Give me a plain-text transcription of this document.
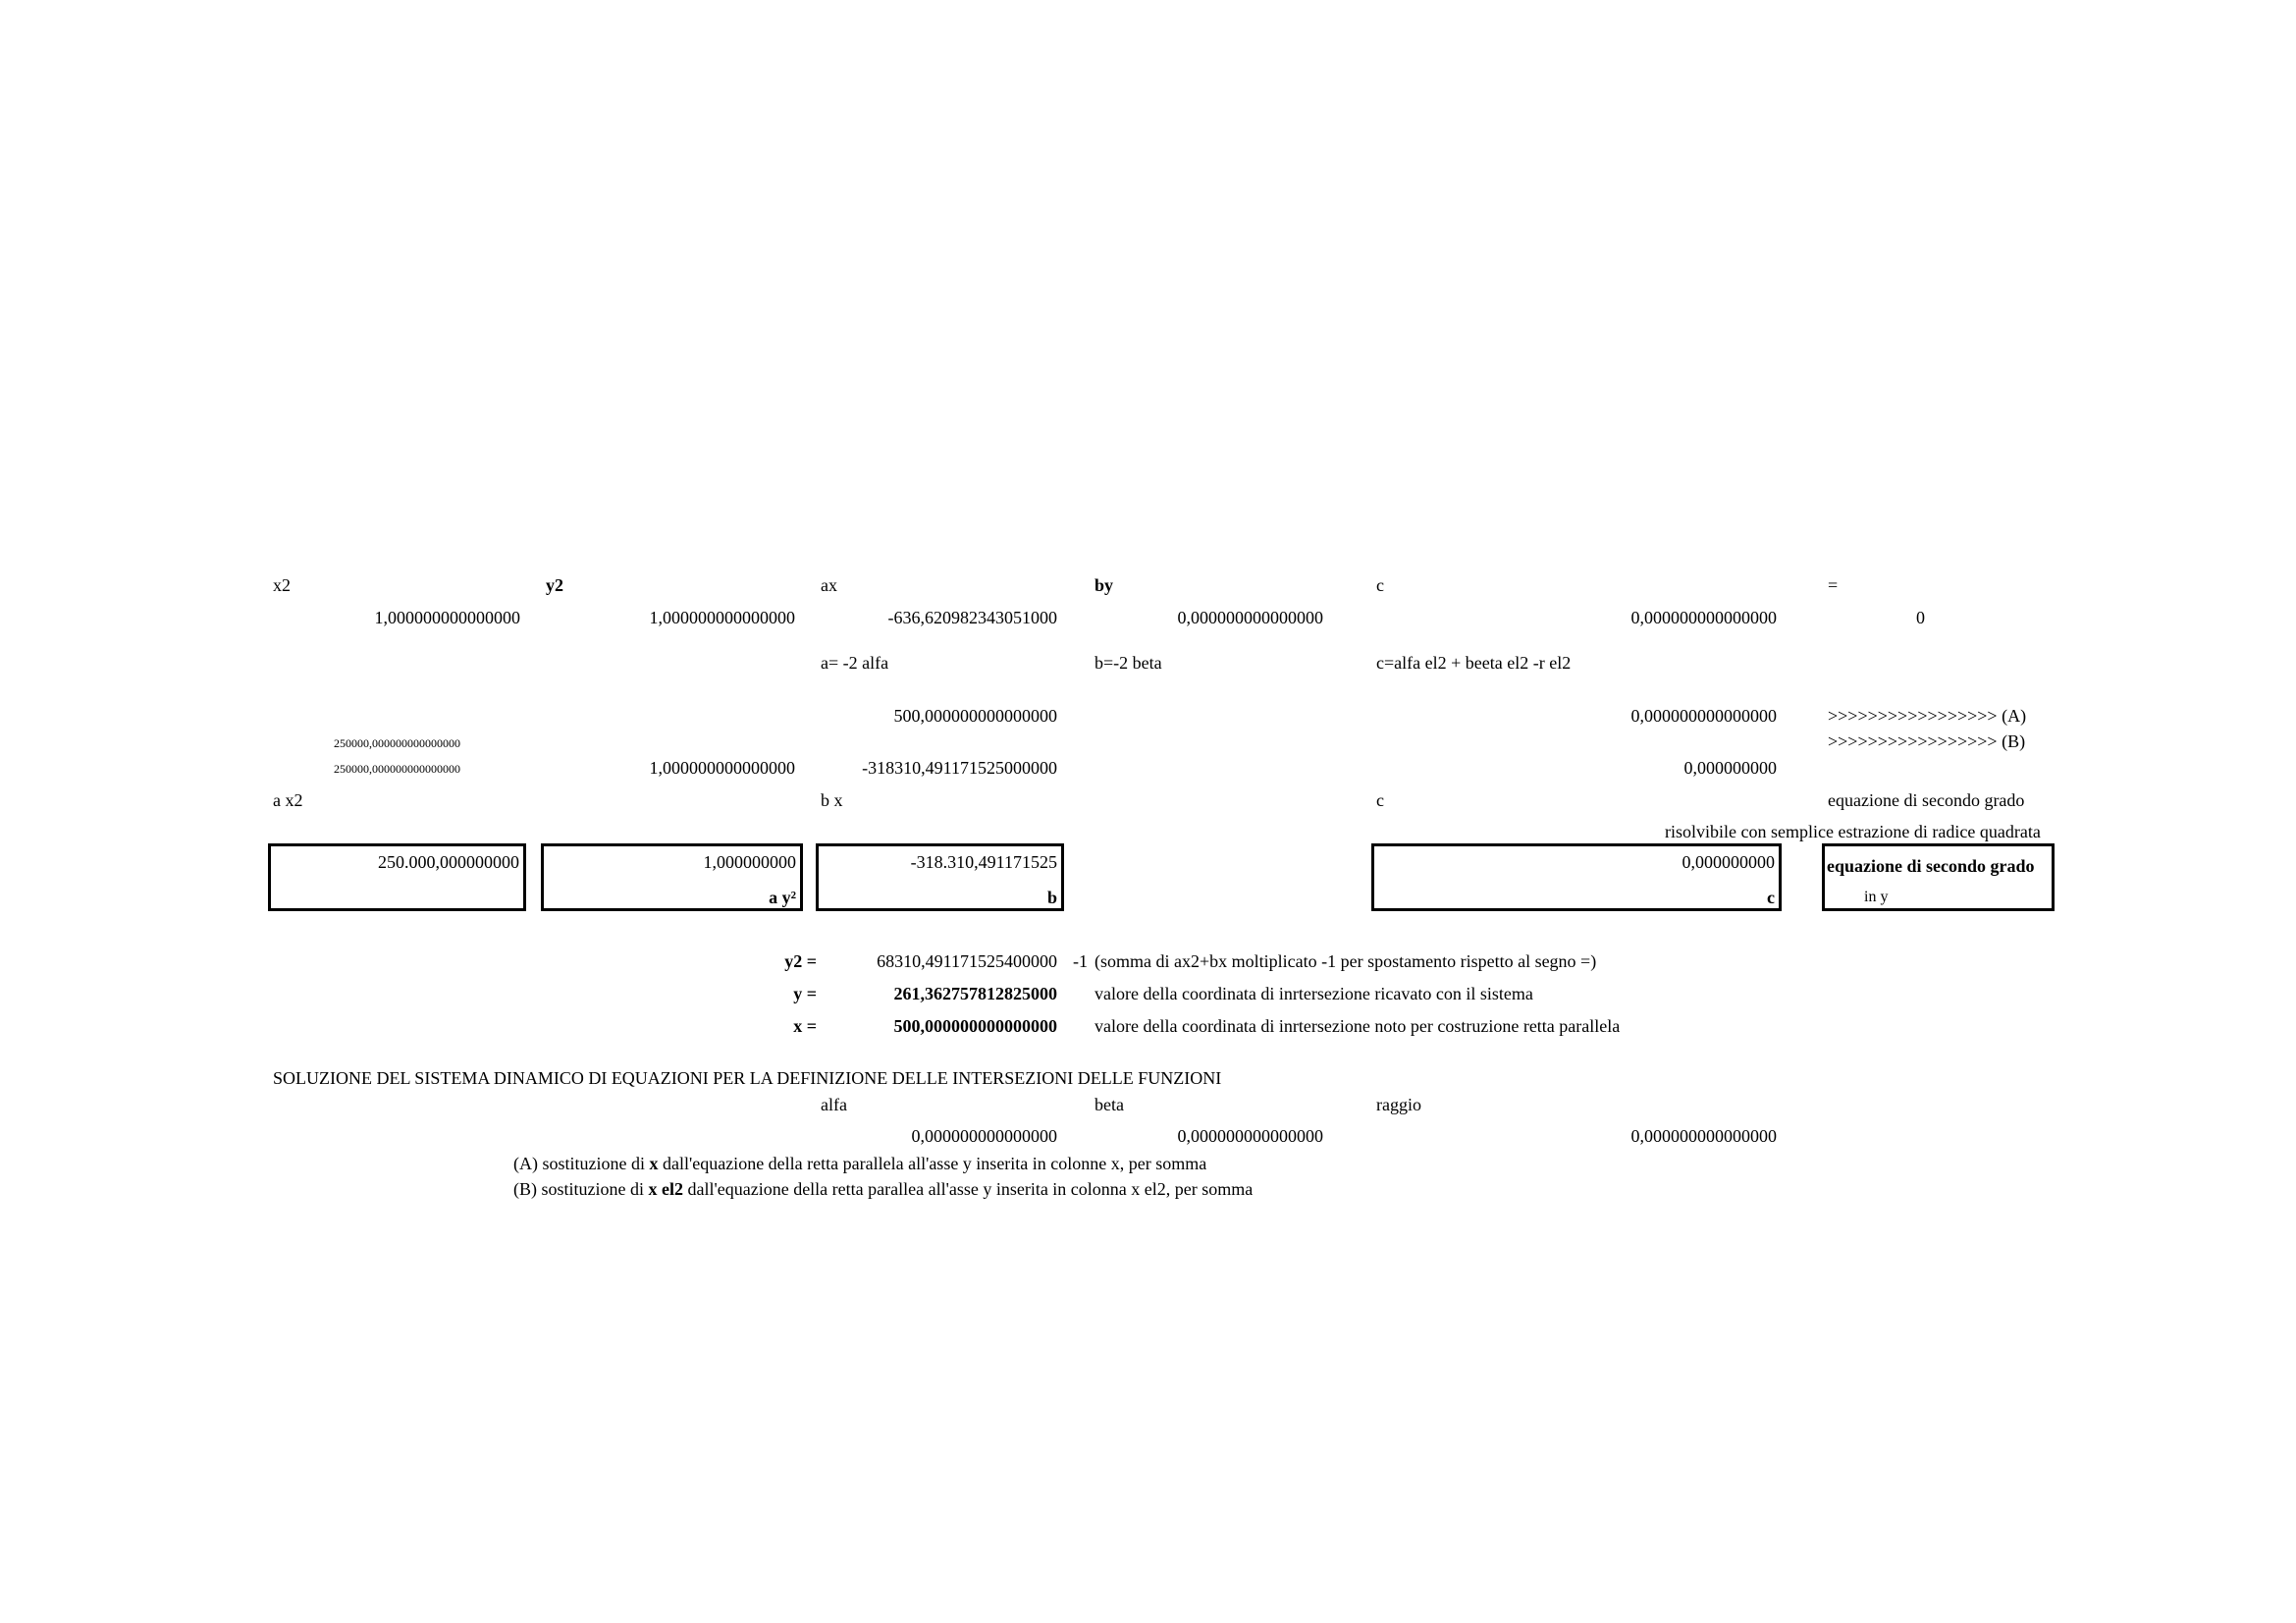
x2	y2	ax	by	c	=
1,000000000000000	1,000000000000000	-636,620982343051000	0,000000000000000	0,000000000000000	0
a= -2 alfa	b=-2 beta	c=alfa el2 + beeta el2 -r el2
500,000000000000000	0,000000000000000	>>>>>>>>>>>>>>>>> (A)
>>>>>>>>>>>>>>>>> (B)
250000,000000000000000
250000,000000000000000	1,000000000000000	-318310,491171525000000	0,000000000
a x2	b x	c	equazione di secondo grado
risolvibile con semplice estrazione di radice quadrata
250.000,000000000	1,000000000
a y²
-318.310,491171525
b
0,000000000
c
equazione di secondo grado
in y
y2 =	68310,491171525400000 -1 (somma di ax2+bx moltiplicato -1 per spostamento rispetto al segno =)
y =	261,362757812825000 valore della coordinata di inrtersezione ricavato con il sistema
x =	500,000000000000000 valore della coordinata di inrtersezione noto per costruzione retta parallela
SOLUZIONE DEL SISTEMA DINAMICO DI EQUAZIONI PER LA DEFINIZIONE DELLE INTERSEZIONI DELLE FUNZIONI
alfa	beta	raggio
0,000000000000000	0,000000000000000	0,000000000000000
(A) sostituzione di x dall'equazione della retta parallela all'asse y inserita in colonne x, per somma
(B) sostituzione di x el2 dall'equazione della retta parallea all'asse y inserita in colonna x el2, per somma
